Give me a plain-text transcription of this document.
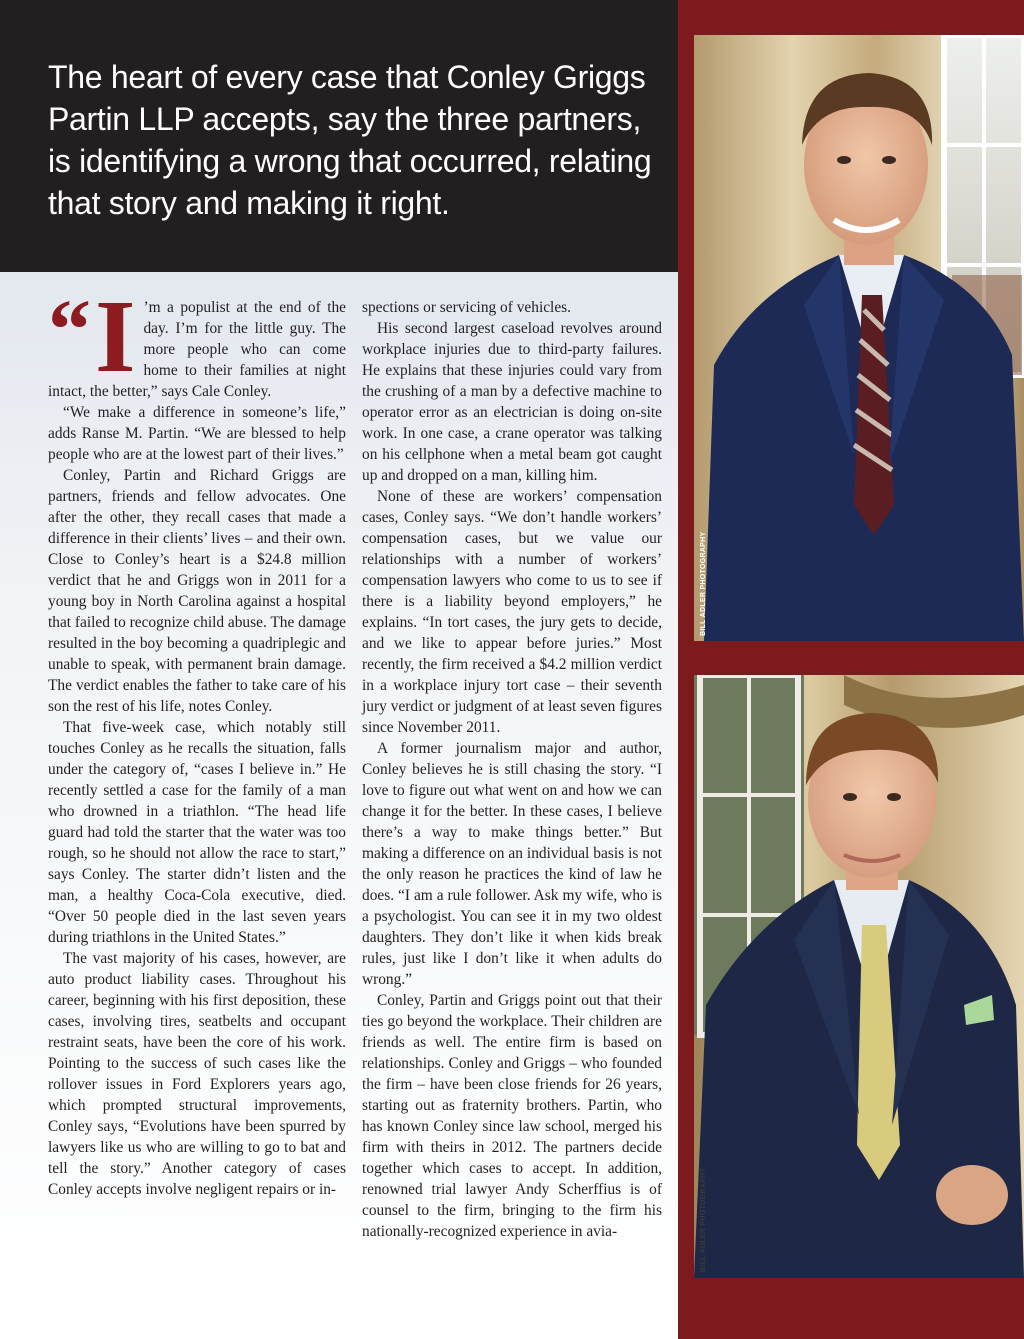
The heart of every case that Conley Griggs Partin LLP accepts, say the three partners, is identifying a wrong that occurred, relating that story and making it right.
“ I ’m a populist at the end of the day. I’m for the little guy. The more people who can come home to their families at night intact, the better,” says Cale Conley.

“We make a difference in someone’s life,” adds Ranse M. Partin. “We are blessed to help people who are at the lowest part of their lives.”

Conley, Partin and Richard Griggs are partners, friends and fellow advocates. One after the other, they recall cases that made a difference in their clients’ lives – and their own. Close to Conley’s heart is a $24.8 million verdict that he and Griggs won in 2011 for a young boy in North Carolina against a hospital that failed to recognize child abuse. The damage resulted in the boy becoming a quadriplegic and unable to speak, with permanent brain damage. The verdict enables the father to take care of his son the rest of his life, notes Conley.

That five-week case, which notably still touches Conley as he recalls the situation, falls under the category of, “cases I believe in.” He recently settled a case for the family of a man who drowned in a triathlon. “The head life guard had told the starter that the water was too rough, so he should not allow the race to start,” says Conley. The starter didn’t listen and the man, a healthy Coca-Cola executive, died. “Over 50 people died in the last seven years during triathlons in the United States.”

The vast majority of his cases, however, are auto product liability cases. Throughout his career, beginning with his first deposition, these cases, involving tires, seatbelts and occupant restraint seats, have been the core of his work. Pointing to the success of such cases like the rollover issues in Ford Explorers years ago, which prompted structural improvements, Conley says, “Evolutions have been spurred by lawyers like us who are willing to go to bat and tell the story.” Another category of cases Conley accepts involve negligent repairs or in-

spections or servicing of vehicles.

His second largest caseload revolves around workplace injuries due to third-party failures. He explains that these injuries could vary from the crushing of a man by a defective machine to operator error as an electrician is doing on-site work. In one case, a crane operator was talking on his cellphone when a metal beam got caught up and dropped on a man, killing him.

None of these are workers’ compensation cases, Conley says. “We don’t handle workers’ compensation cases, but we value our relationships with a number of workers’ compensation lawyers who come to us to see if there is a liability beyond employers,” he explains. “In tort cases, the jury gets to decide, and we like to appear before juries.” Most recently, the firm received a $4.2 million verdict in a workplace injury tort case – their seventh jury verdict or judgment of at least seven figures since November 2011.

A former journalism major and author, Conley believes he is still chasing the story. “I love to figure out what went on and how we can change it for the better. In these cases, I believe there’s a way to make things better.” But making a difference on an individual basis is not the only reason he practices the kind of law he does. “I am a rule follower. Ask my wife, who is a psychologist. You can see it in my two oldest daughters. They don’t like it when kids break rules, just like I don’t like it when adults do wrong.”

Conley, Partin and Griggs point out that their ties go beyond the workplace. Their children are friends as well. The entire firm is based on relationships. Conley and Griggs – who founded the firm – have been close friends for 26 years, starting out as fraternity brothers. Partin, who has known Conley since law school, merged his firm with theirs in 2012. The partners decide together which cases to accept. In addition, renowned trial lawyer Andy Scherffius is of counsel to the firm, bringing to the firm his nationally-recognized experience in avia-

BILL ADLER PHOTOGRAPHY
BILL ADLER PHOTOGRAPHY
